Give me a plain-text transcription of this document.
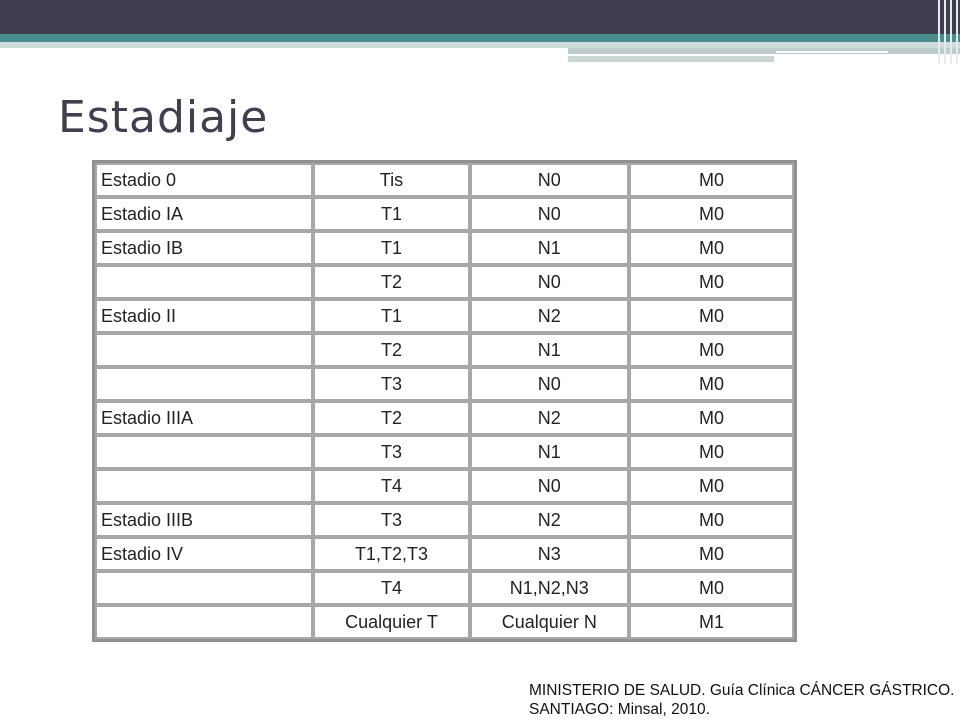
Estadiaje
Estadio 0	Tis	N0	M0
Estadio IA	T1	N0	M0
Estadio IB	T1	N1	M0
	T2	N0	M0
Estadio II	T1	N2	M0
	T2	N1	M0
	T3	N0	M0
Estadio IIIA	T2	N2	M0
	T3	N1	M0
	T4	N0	M0
Estadio IIIB	T3	N2	M0
Estadio IV	T1,T2,T3	N3	M0
	T4	N1,N2,N3	M0
	Cualquier T	Cualquier N	M1
MINISTERIO DE SALUD. Guía Clínica CÁNCER GÁSTRICO.
SANTIAGO: Minsal, 2010.
